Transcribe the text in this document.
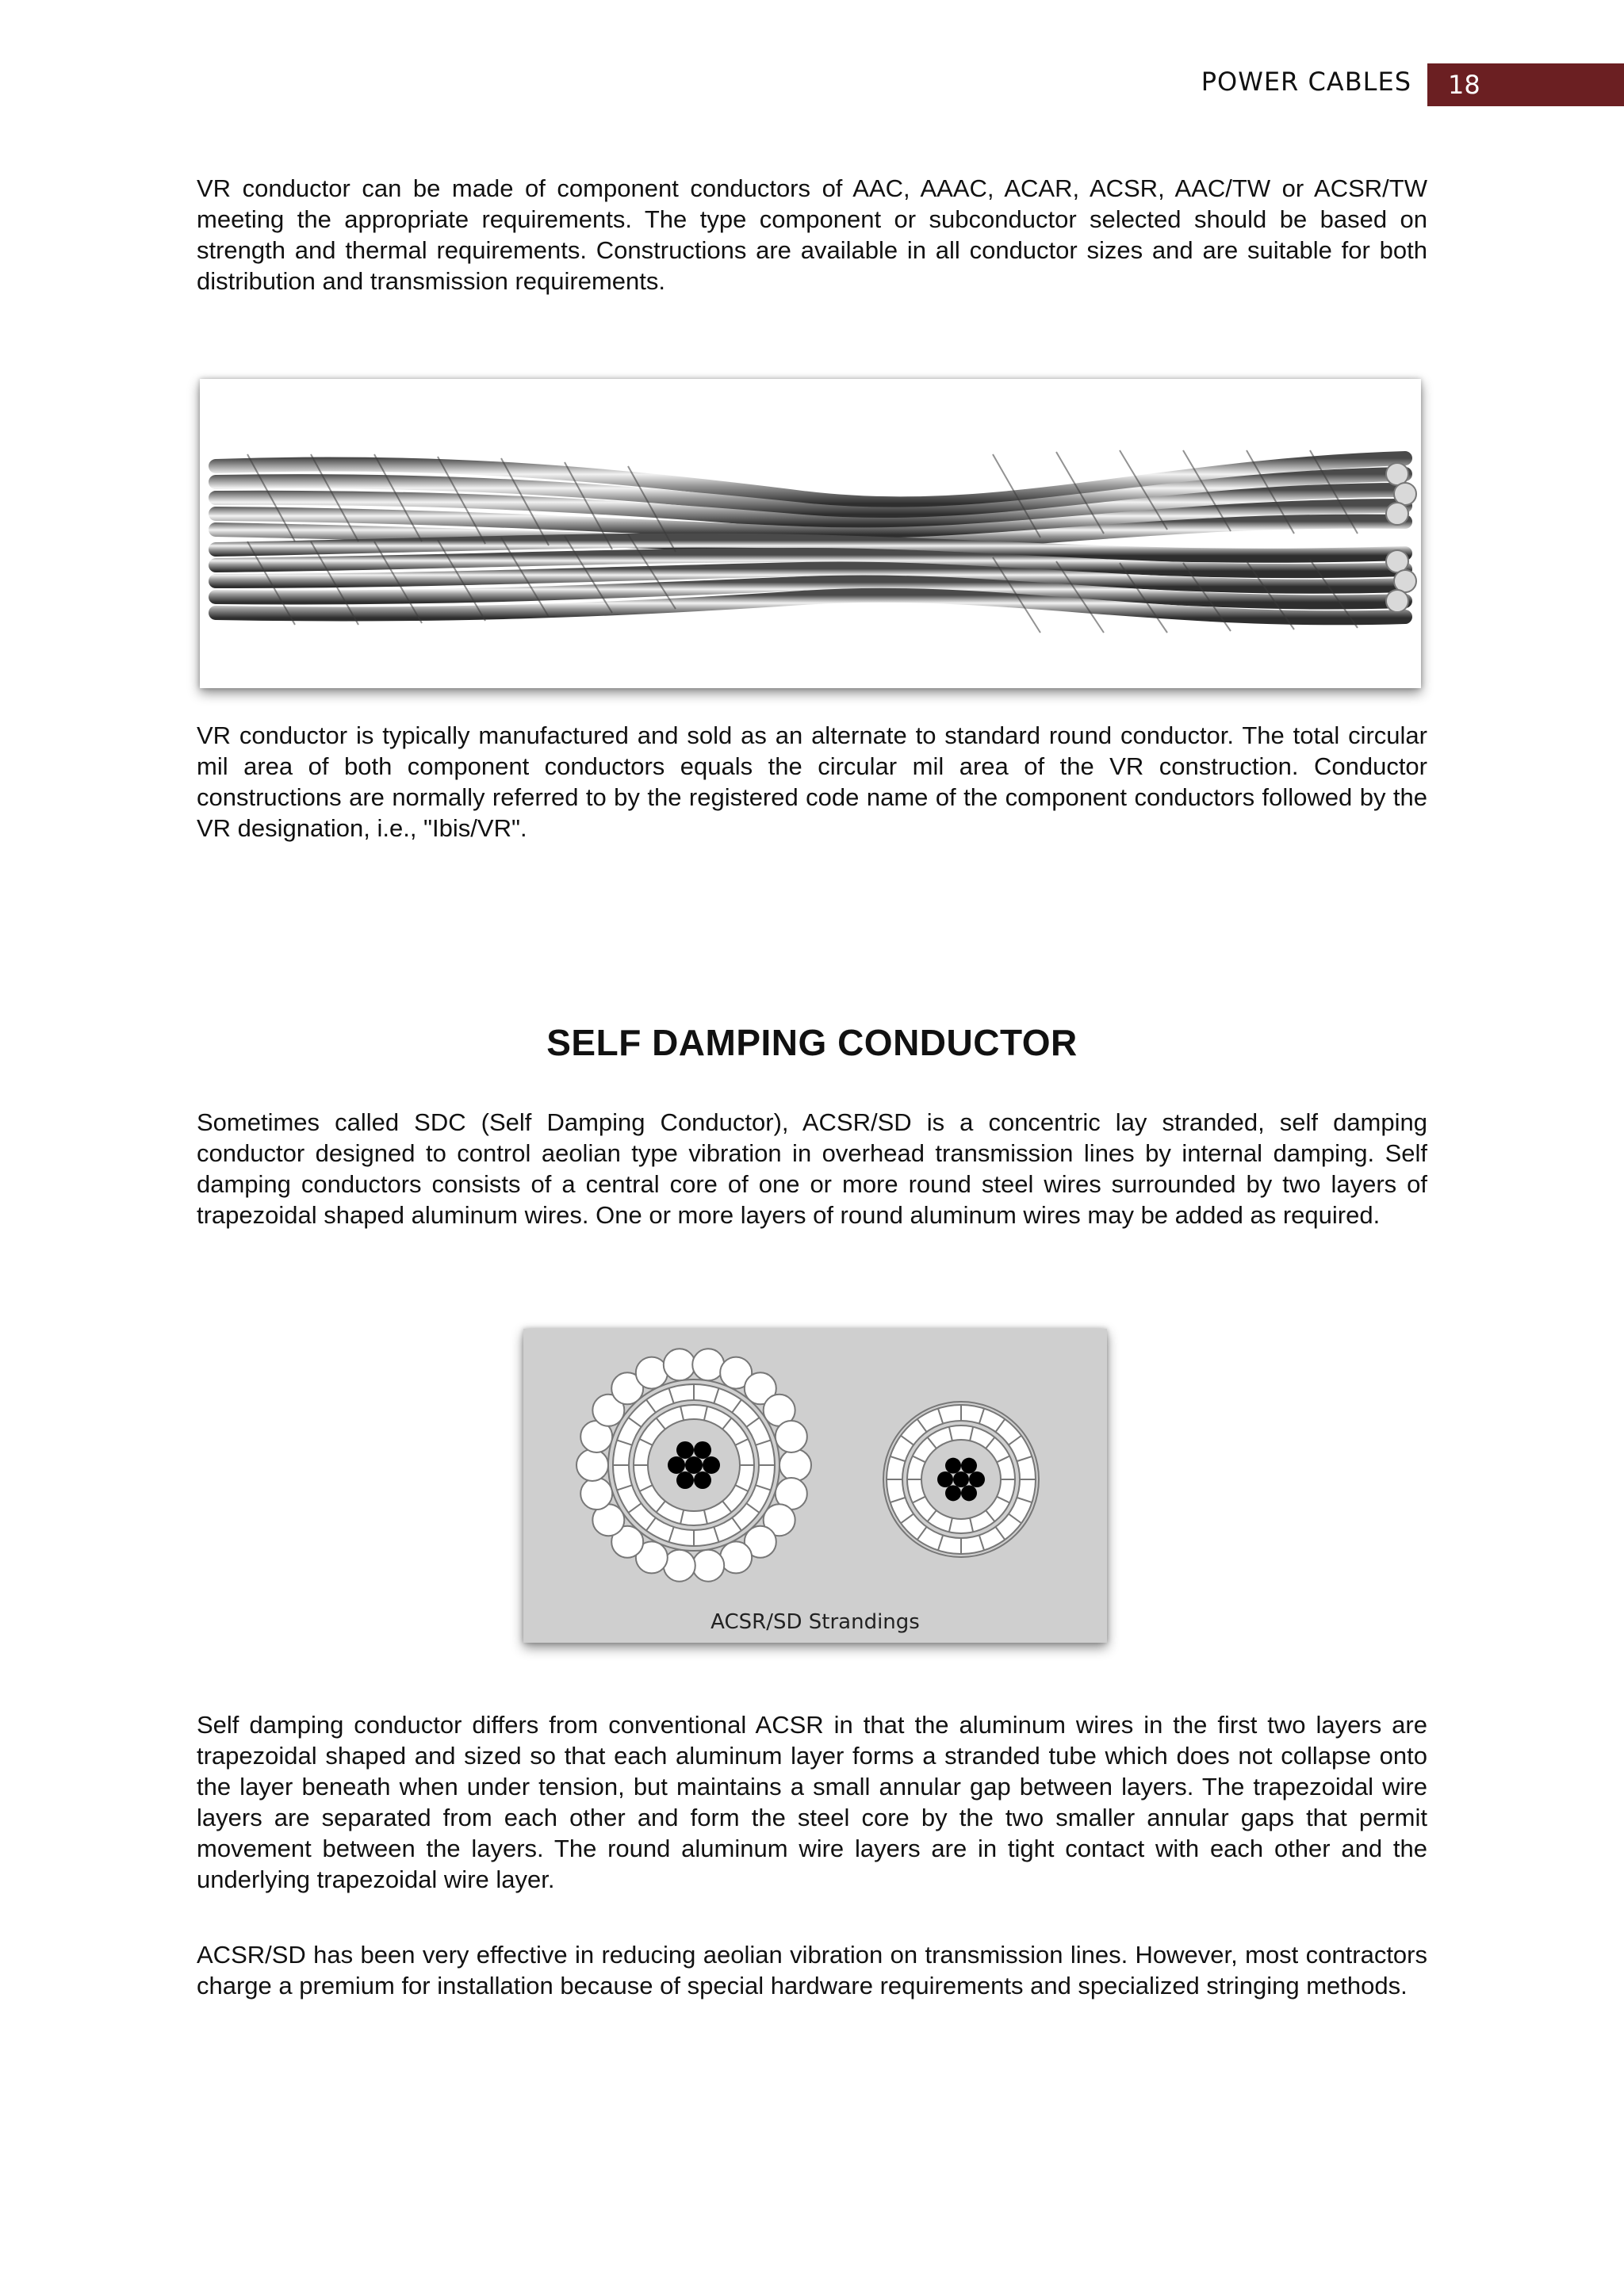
POWER CABLES 18

VR conductor can be made of component conductors of AAC, AAAC, ACAR, ACSR, AAC/TW or ACSR/TW meeting the appropriate requirements. The type component or subconductor selected should be based on strength and thermal requirements. Constructions are available in all conductor sizes and are suitable for both distribution and transmission requirements.

VR conductor is typically manufactured and sold as an alternate to standard round conductor. The total circular mil area of both component conductors equals the circular mil area of the VR construction. Conductor constructions are normally referred to by the registered code name of the component conductors followed by the VR designation, i.e., "Ibis/VR".

SELF DAMPING CONDUCTOR

Sometimes called SDC (Self Damping Conductor), ACSR/SD is a concentric lay stranded, self damping conductor designed to control aeolian type vibration in overhead transmission lines by internal damping. Self damping conductors consists of a central core of one or more round steel wires surrounded by two layers of trapezoidal shaped aluminum wires. One or more layers of round aluminum wires may be added as required.

ACSR/SD Strandings

Self damping conductor differs from conventional ACSR in that the aluminum wires in the first two layers are trapezoidal shaped and sized so that each aluminum layer forms a stranded tube which does not collapse onto the layer beneath when under tension, but maintains a small annular gap between layers. The trapezoidal wire layers are separated from each other and form the steel core by the two smaller annular gaps that permit movement between the layers. The round aluminum wire layers are in tight contact with each other and the underlying trapezoidal wire layer.

ACSR/SD has been very effective in reducing aeolian vibration on transmission lines. However, most contractors charge a premium for installation because of special hardware requirements and specialized stringing methods.
